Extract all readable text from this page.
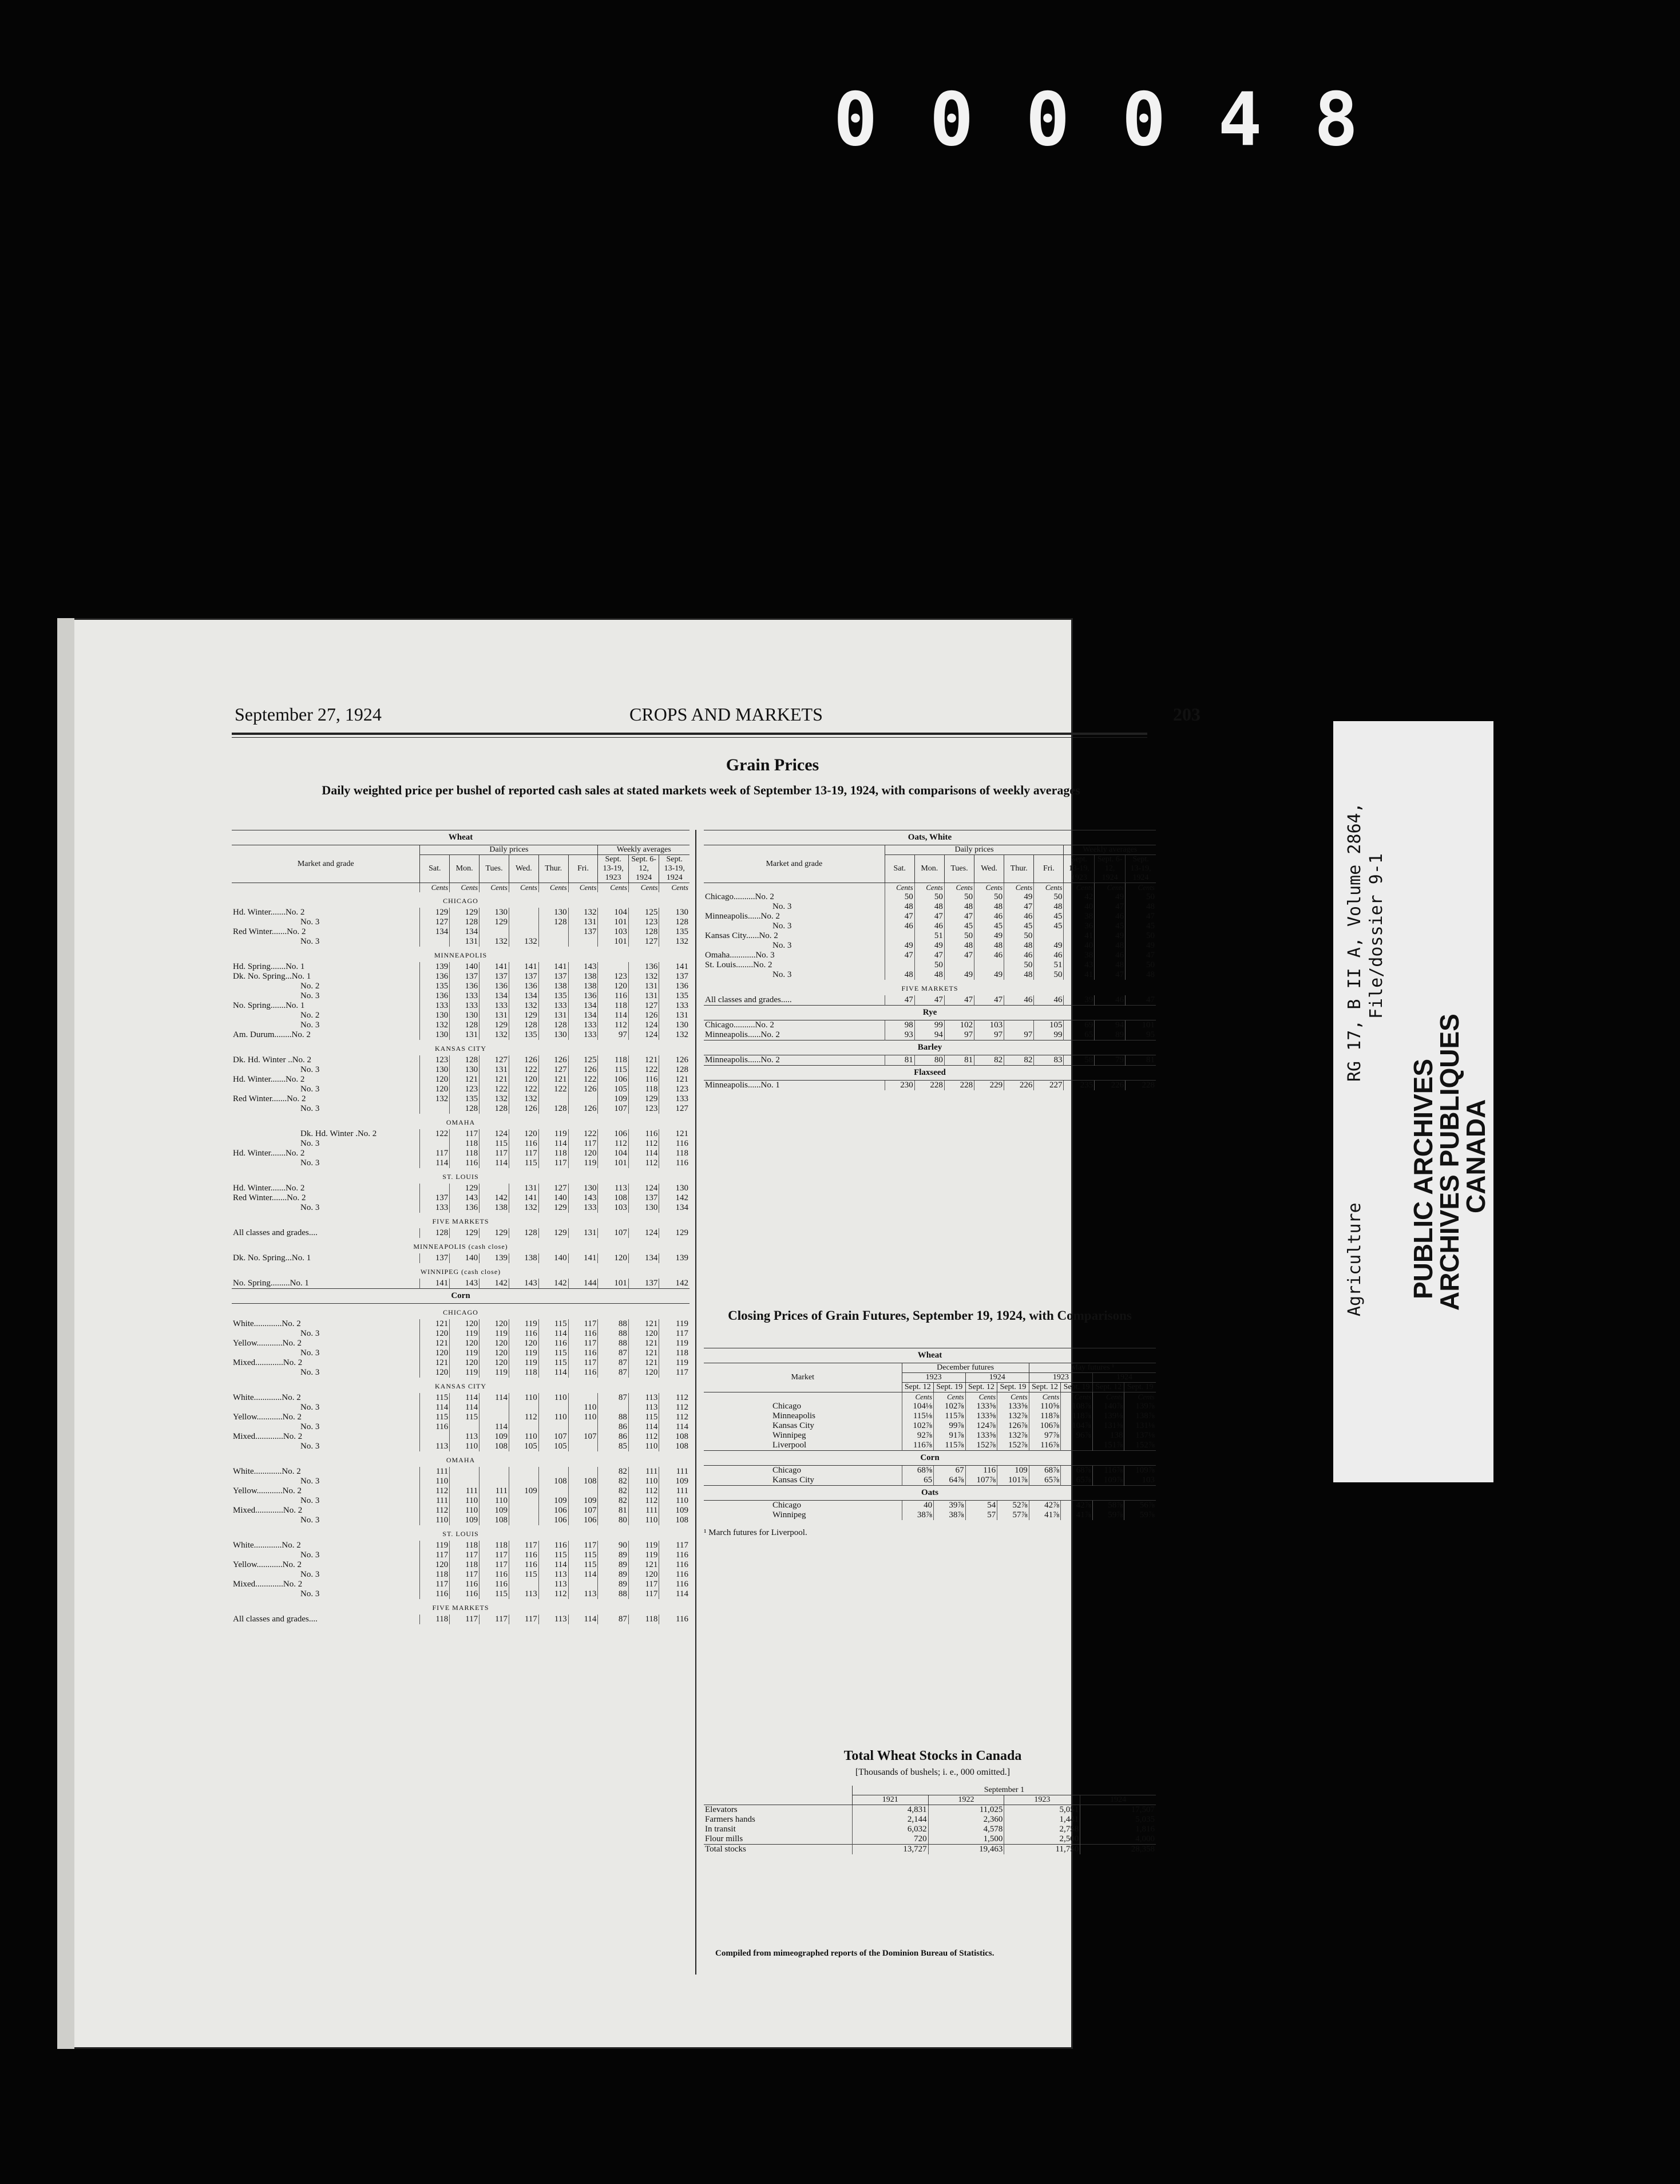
0 0 0 0 4 8
September 27, 1924	CROPS AND MARKETS	203
Grain Prices
Daily weighted price per bushel of reported cash sales at stated markets week of September 13-19, 1924, with comparisons of weekly averages
Wheat									
Market and grade	Daily prices						Weekly averages		
	Sat.	Mon.	Tues.	Wed.	Thur.	Fri.	Sept. 13-19, 1923	Sept. 6-12, 1924	Sept. 13-19, 1924
	Cents	Cents	Cents	Cents	Cents	Cents	Cents	Cents	Cents
CHICAGO									
Hd. Winter.......No. 2	129	129	130		130	132	104	125	130
No. 3	127	128	129		128	131	101	123	128
Red Winter.......No. 2	134	134				137	103	128	135
No. 3		131	132	132			101	127	132
MINNEAPOLIS									
Hd. Spring.......No. 1	139	140	141	141	141	143		136	141
Dk. No. Spring...No. 1	136	137	137	137	137	138	123	132	137
No. 2	135	136	136	136	138	138	120	131	136
No. 3	136	133	134	134	135	136	116	131	135
No. Spring.......No. 1	133	133	133	132	133	134	118	127	133
No. 2	130	130	131	129	131	134	114	126	131
No. 3	132	128	129	128	128	133	112	124	130
Am. Durum........No. 2	130	131	132	135	130	133	97	124	132
KANSAS CITY									
Dk. Hd. Winter ..No. 2	123	128	127	126	126	125	118	121	126
No. 3	130	130	131	122	127	126	115	122	128
Hd. Winter.......No. 2	120	121	121	120	121	122	106	116	121
No. 3	120	123	122	122	122	126	105	118	123
Red Winter.......No. 2	132	135	132	132			109	129	133
No. 3		128	128	126	128	126	107	123	127
OMAHA									
Dk. Hd. Winter .No. 2	122	117	124	120	119	122	106	116	121
No. 3		118	115	116	114	117	112	112	116
Hd. Winter.......No. 2	117	118	117	117	118	120	104	114	118
No. 3	114	116	114	115	117	119	101	112	116
ST. LOUIS									
Hd. Winter.......No. 2		129		131	127	130	113	124	130
Red Winter.......No. 2	137	143	142	141	140	143	108	137	142
No. 3	133	136	138	132	129	133	103	130	134
FIVE MARKETS									
All classes and grades....	128	129	129	128	129	131	107	124	129
MINNEAPOLIS (cash close)									
Dk. No. Spring...No. 1	137	140	139	138	140	141	120	134	139
WINNIPEG (cash close)									
No. Spring.........No. 1	141	143	142	143	142	144	101	137	142
Corn									
CHICAGO									
White.............No. 2	121	120	120	119	115	117	88	121	119
No. 3	120	119	119	116	114	116	88	120	117
Yellow............No. 2	121	120	120	120	116	117	88	121	119
No. 3	120	119	120	119	115	116	87	121	118
Mixed.............No. 2	121	120	120	119	115	117	87	121	119
No. 3	120	119	119	118	114	116	87	120	117
KANSAS CITY									
White.............No. 2	115	114	114	110	110		87	113	112
No. 3	114	114				110		113	112
Yellow............No. 2	115	115		112	110	110	88	115	112
No. 3	116		114				86	114	114
Mixed.............No. 2		113	109	110	107	107	86	112	108
No. 3	113	110	108	105	105		85	110	108
OMAHA									
White.............No. 2	111						82	111	111
No. 3	110				108	108	82	110	109
Yellow............No. 2	112	111	111	109			82	112	111
No. 3	111	110	110		109	109	82	112	110
Mixed.............No. 2	112	110	109		106	107	81	111	109
No. 3	110	109	108		106	106	80	110	108
ST. LOUIS									
White.............No. 2	119	118	118	117	116	117	90	119	117
No. 3	117	117	117	116	115	115	89	119	116
Yellow............No. 2	120	118	117	116	114	115	89	121	116
No. 3	118	117	116	115	113	114	89	120	116
Mixed.............No. 2	117	116	116		113		89	117	116
No. 3	116	116	115	113	112	113	88	117	114
FIVE MARKETS									
All classes and grades....	118	117	117	117	113	114	87	118	116
Oats, White									
Market and grade	Daily prices						Weekly averages		
	Sat.	Mon.	Tues.	Wed.	Thur.	Fri.	Sept. 13-19, 1923	Sept. 6-12, 1924	Sept. 13-19, 1924
	Cents	Cents	Cents	Cents	Cents	Cents	Cents	Cents	Cents
Chicago..........No. 2	50	50	50	50	49	50	42	49	50
No. 3	48	48	48	48	47	48	40	47	48
Minneapolis......No. 2	47	47	47	46	46	45	38	46	47
No. 3	46	46	45	45	45	45	36	45	45
Kansas City......No. 2		51	50	49	50		41	49	50
No. 3	49	49	48	48	48	49	40	48	49
Omaha............No. 3	47	47	47	46	46	46	38	46	47
St. Louis........No. 2		50			50	51	43	48	50
No. 3	48	48	49	49	48	50	41	47	48
FIVE MARKETS									
All classes and grades.....	47	47	47	47	46	46	39	46	47
Rye									
Chicago..........No. 2	98	99	102	103		105	69	94	101
Minneapolis......No. 2	93	94	97	97	97	99	65	89	95
Barley									
Minneapolis......No. 2	81	80	81	82	82	83	58	79	81
Flaxseed									
Minneapolis......No. 1	230	228	228	229	226	227	235	226	228
Closing Prices of Grain Futures, September 19, 1924, with Comparisons
Wheat								
Market	December futures				May futures ¹			
	1923		1924		1923		1924	
	Sept. 12	Sept. 19	Sept. 12	Sept. 19	Sept. 12	Sept. 19	Sept. 12	Sept. 19
	Cents	Cents	Cents	Cents	Cents	Cents	Cents	Cents
Chicago	104⅛	102⅞	133⅝	133⅝	110⅝	108⅞	140⅞	139⅞
Minneapolis	115⅛	115⅞	133⅝	132⅞	118⅞	118⅞	139⅛	138⅞
Kansas City	102⅞	99⅞	124⅞	126⅞	106⅞	104⅞	131⅜	131⅛
Winnipeg	92⅞	91⅞	133⅝	132⅞	97⅞	96⅞	138	137⅛
Liverpool	116⅞	115⅞	152⅞	152⅞	116⅞		151⅞	152⅞
Corn								
Chicago	68⅝	67	116	109	68⅞	68⅞	116⅞	109⅞
Kansas City	65	64⅞	107⅞	101⅞	65⅞	65⅞	109⅞	103
Oats								
Chicago	40	39⅞	54	52⅞	42⅞	42⅞	58⅞	56⅞
Winnipeg	38⅞	38⅞	57	57⅞	41⅞	41⅞	59⅞	59⅞
¹ March futures for Liverpool.
Total Wheat Stocks in Canada
[Thousands of bushels; i. e., 000 omitted.]
	September 1			
	1921	1922	1923	1924
Elevators	4,831	11,025	5,051	17,507
Farmers hands	2,144	2,360	1,441	5,035
In transit	6,032	4,578	2,758	1,816
Flour mills	720	1,500	2,500	4,000
Total stocks	13,727	19,463	11,750	28,358
Compiled from mimeographed reports of the Dominion Bureau of Statistics.
Agriculture
RG 17, B II A, Volume 2864, File/dossier 9-1
PUBLIC ARCHIVES
ARCHIVES PUBLIQUES
CANADA
